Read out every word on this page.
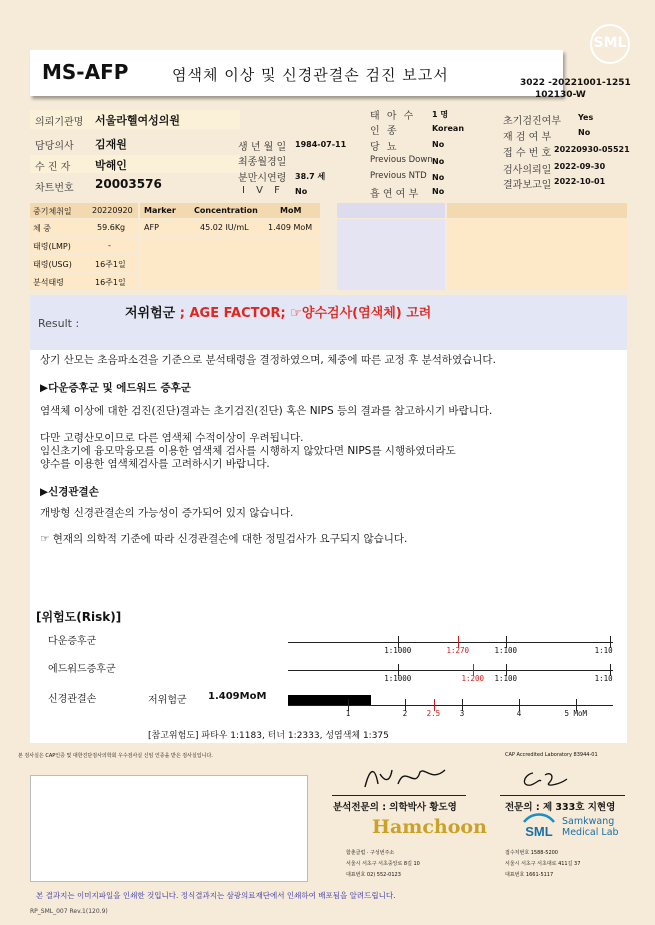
MS-AFP	염색체 이상 및 신경관결손 검진 보고서	3022 -20221001-1251
102130-W
SML
의뢰기관명 서울라헬여성의원
담당의사 김재원
수 진 자 박해인
차트번호 20003576
생 년 월 일 1984-07-11
최종월경일
분만시연령 38.7 세
I V F No
태 아 수 1 명
인 종	Korean
당 뇨	No
Previous Down No
Previous NTD No
흡 연 여 부 No
초기검진여부 Yes
재 검 여 부	No
접 수 번 호 20220930-05521
검사의뢰일 2022-09-30
결과보고일 2022-10-01
중기체취일	20220920
체 중	59.6Kg
태령(LMP)	-
태령(USG)	16주1일
분석태령	16주1일
Marker Concentration	MoM
AFP	45.02 IU/mL 1.409 MoM
Result :
저위험군 ; AGE FACTOR; ☞양수검사(염색체) 고려
상기 산모는 초음파소견을 기준으로 분석태령을 결정하였으며, 체중에 따른 교정 후 분석하였습니다.
▶다운증후군 및 에드워드 증후군
염색체 이상에 대한 검진(진단)결과는 초기검진(진단) 혹은 NIPS 등의 결과를 참고하시기 바랍니다.
다만 고령산모이므로 다른 염색체 수적이상이 우려됩니다.
임신초기에 융모막융모를 이용한 염색체 검사를 시행하지 않았다면 NIPS를 시행하였더라도
양수를 이용한 염색체검사를 고려하시기 바랍니다.
▶신경관결손
개방형 신경관결손의 가능성이 증가되어 있지 않습니다.
☞ 현재의 의학적 기준에 따라 신경관결손에 대한 정밀검사가 요구되지 않습니다.
[위험도(Risk)]
다운증후군
1:1000	1:270	1:100	1:10
에드워드증후군
1:1000	1:200 1:100	1:10
신경관결손	저위험군 1.409MoM
1	2	2.5	3	4	5 MoM
[참고위험도] 파타우 1:1183, 터너 1:2333, 성염색체 1:375
본 검사실은 CAP인증 및 대한진단검사의학회 우수검사실 신임 인증을 받은 검사실입니다.	CAP Accredited Laboratory 83944-01
분석전문의 : 의학박사 황도영	전문의 : 제 333호 지현영
Hamchoon	SML
Samkwang Medical Lab
함춘클럽 · 구성번주소
서울시 서초구 서초중앙로 8길 10
대표번호 02) 552-0123
접수처번호 1588-5200
서울시 서초구 서초대로 411길 37
대표번호 1661-5117
본 결과지는 이미지파일을 인쇄한 것입니다. 정식결과지는 삼광의료재단에서 인쇄하여 배포됨을 알려드립니다.
RP_SML_007 Rev.1(120.9)
